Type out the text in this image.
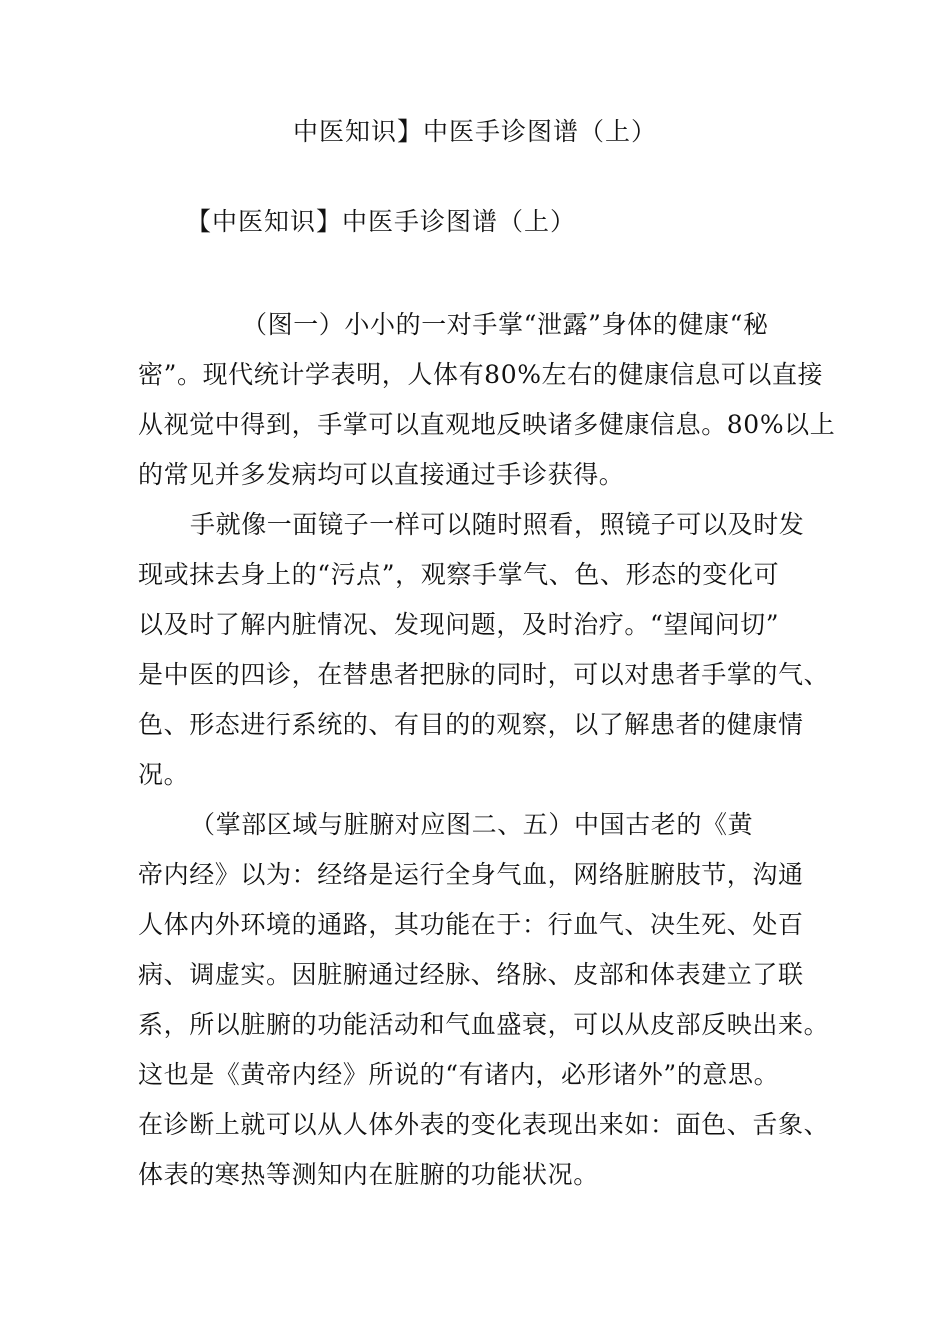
中医知识】中医手诊图谱（上）
【中医知识】中医手诊图谱（上）
（图一）小小的一对手掌“泄露”身体的健康“秘
密”。现代统计学表明，人体有80%左右的健康信息可以直接
从视觉中得到，手掌可以直观地反映诸多健康信息。80%以上
的常见并多发病均可以直接通过手诊获得。
手就像一面镜子一样可以随时照看，照镜子可以及时发
现或抹去身上的“污点”，观察手掌气、色、形态的变化可
以及时了解内脏情况、发现问题，及时治疗。“望闻问切”
是中医的四诊，在替患者把脉的同时，可以对患者手掌的气、
色、形态进行系统的、有目的的观察，以了解患者的健康情
况。
（掌部区域与脏腑对应图二、五）中国古老的《黄
帝内经》以为：经络是运行全身气血，网络脏腑肢节，沟通
人体内外环境的通路，其功能在于：行血气、决生死、处百
病、调虚实。因脏腑通过经脉、络脉、皮部和体表建立了联
系，所以脏腑的功能活动和气血盛衰，可以从皮部反映出来。
这也是《黄帝内经》所说的“有诸内，必形诸外”的意思。
在诊断上就可以从人体外表的变化表现出来如：面色、舌象、
体表的寒热等测知内在脏腑的功能状况。
